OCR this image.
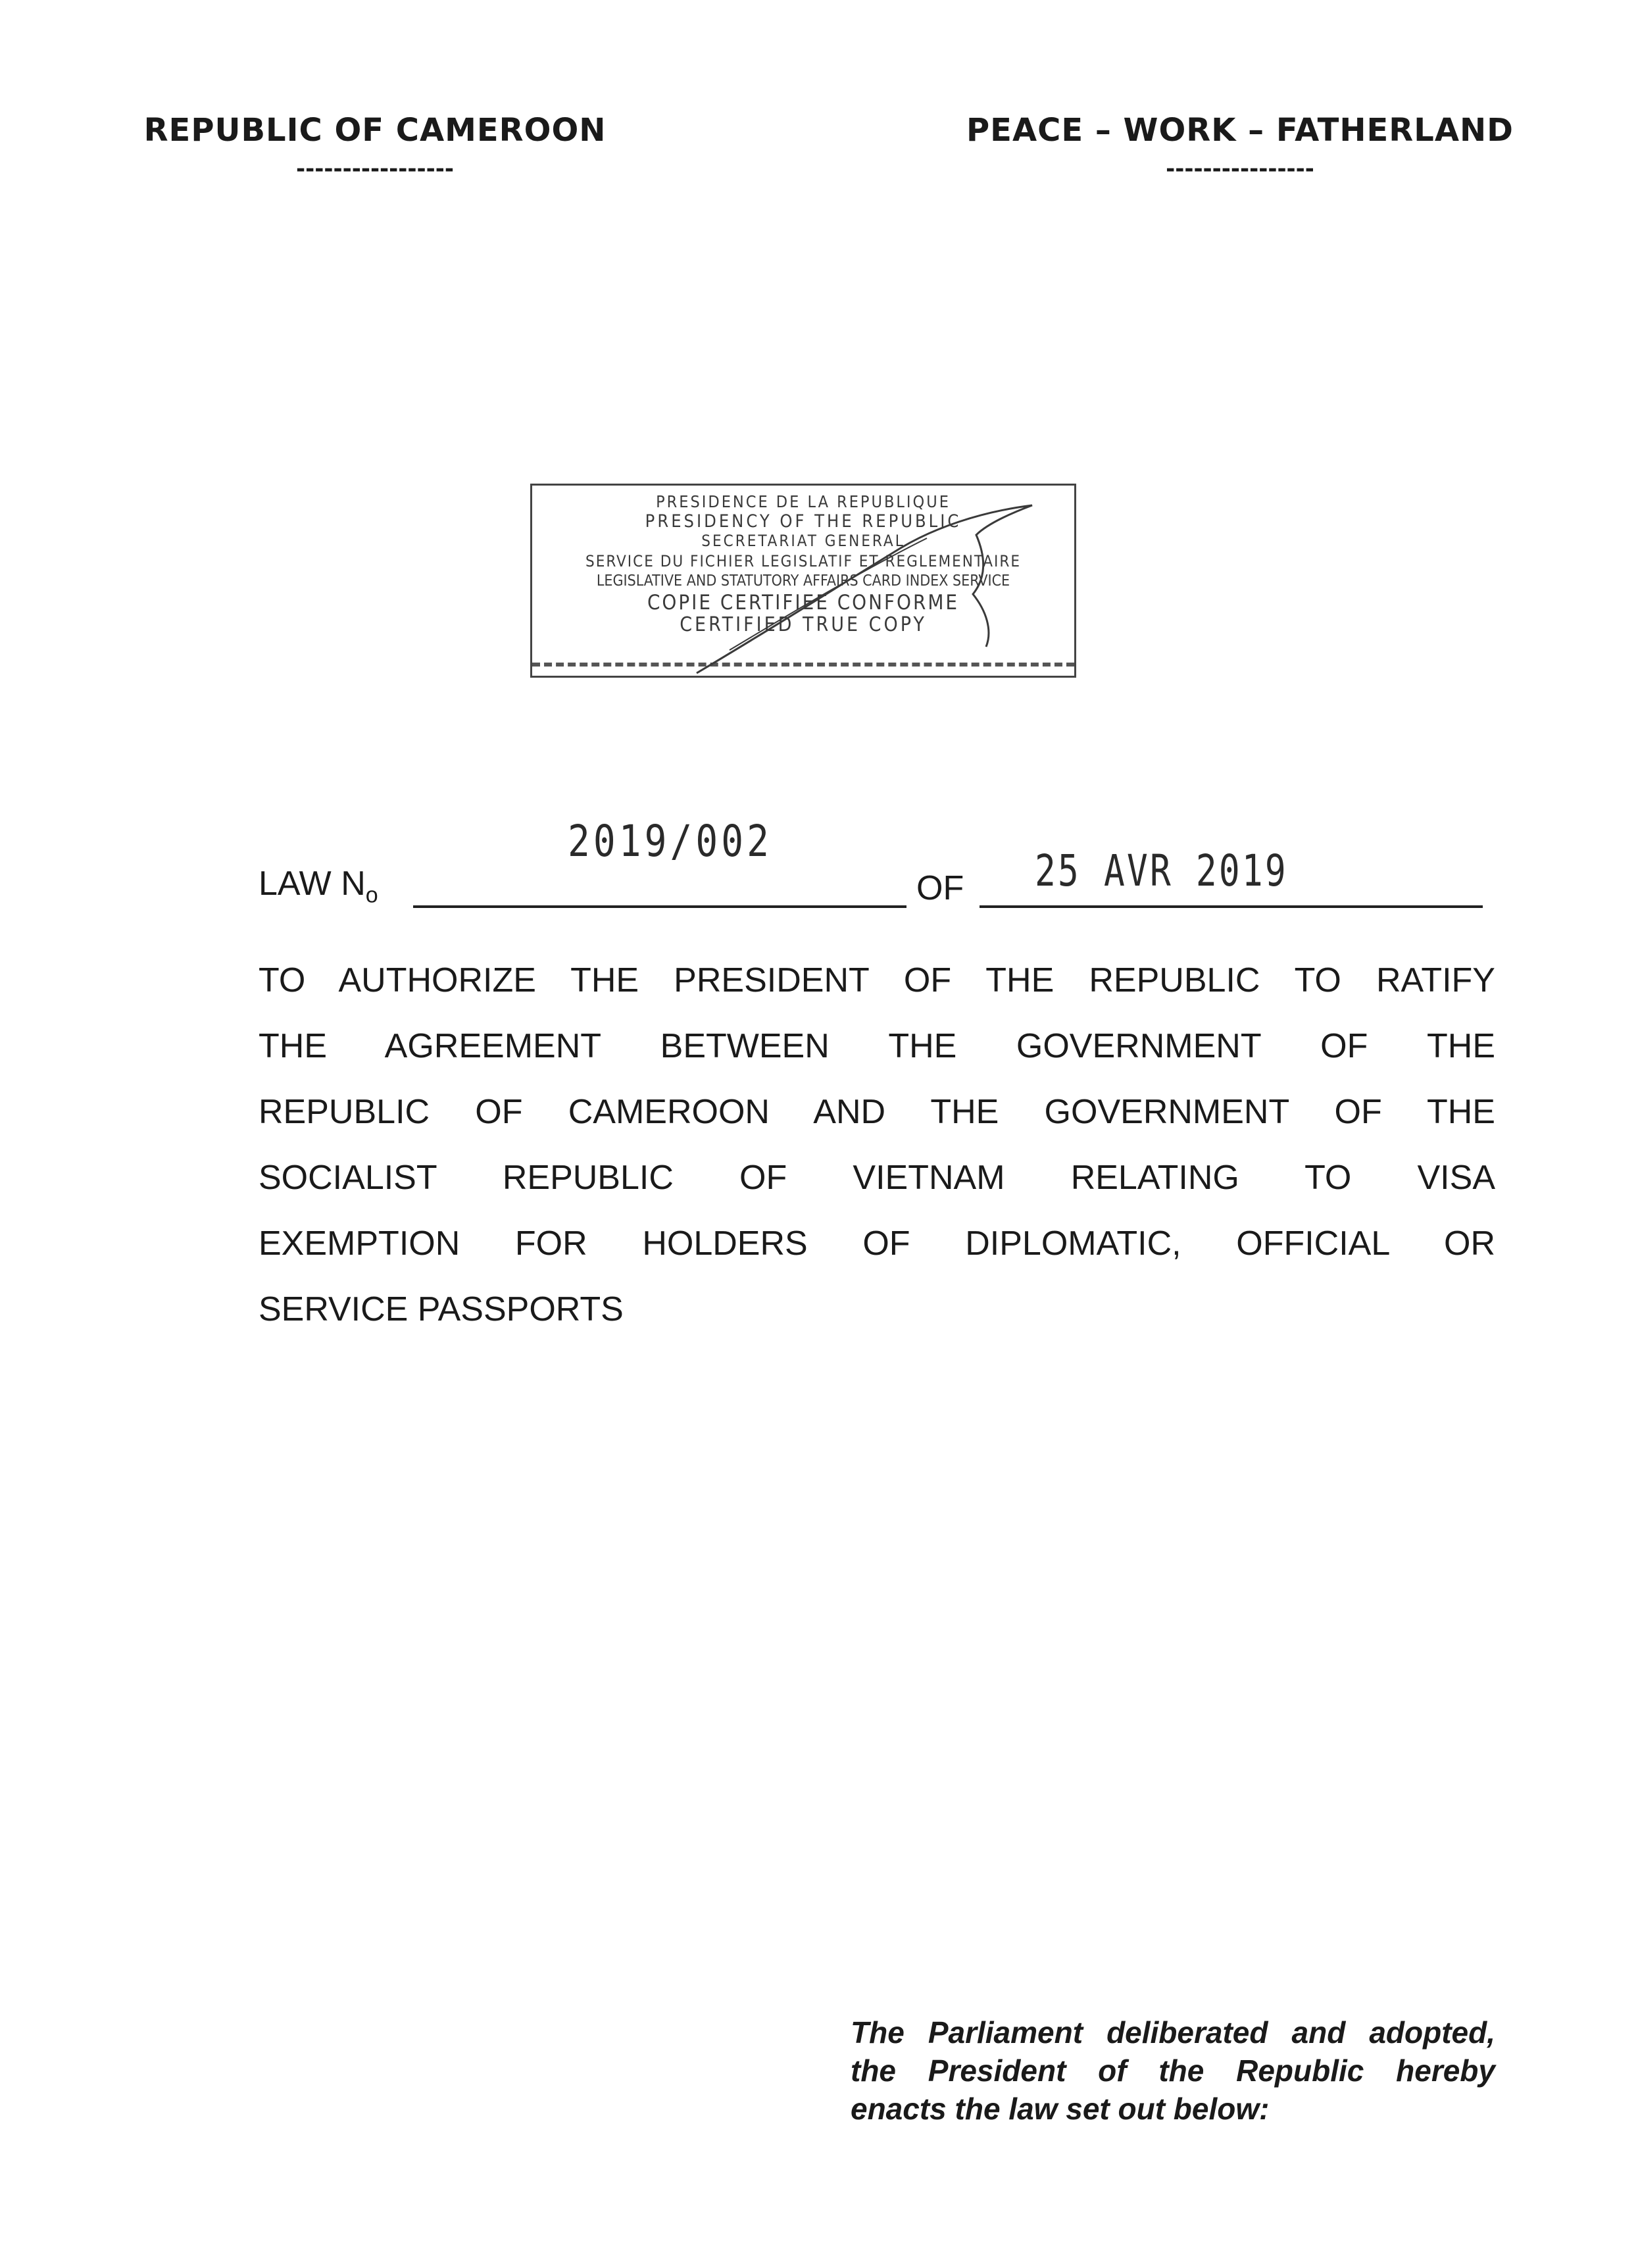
REPUBLIC OF CAMEROON
-----------------
PEACE – WORK – FATHERLAND
----------------
PRESIDENCE DE LA REPUBLIQUE
PRESIDENCY OF THE REPUBLIC
SECRETARIAT GENERAL
SERVICE DU FICHIER LEGISLATIF ET REGLEMENTAIRE
LEGISLATIVE AND STATUTORY AFFAIRS CARD INDEX SERVICE
COPIE CERTIFIEE CONFORME
CERTIFIED TRUE COPY
LAW $N_o$
2019/002
OF 25 AVR 2019
TO AUTHORIZE THE PRESIDENT OF THE REPUBLIC TO RATIFY
THE AGREEMENT BETWEEN THE GOVERNMENT OF THE
REPUBLIC OF CAMEROON AND THE GOVERNMENT OF THE
SOCIALIST REPUBLIC OF VIETNAM RELATING TO VISA
EXEMPTION FOR HOLDERS OF DIPLOMATIC, OFFICIAL OR
SERVICE PASSPORTS
The Parliament deliberated and adopted,
the President of the Republic hereby
enacts the law set out below:
